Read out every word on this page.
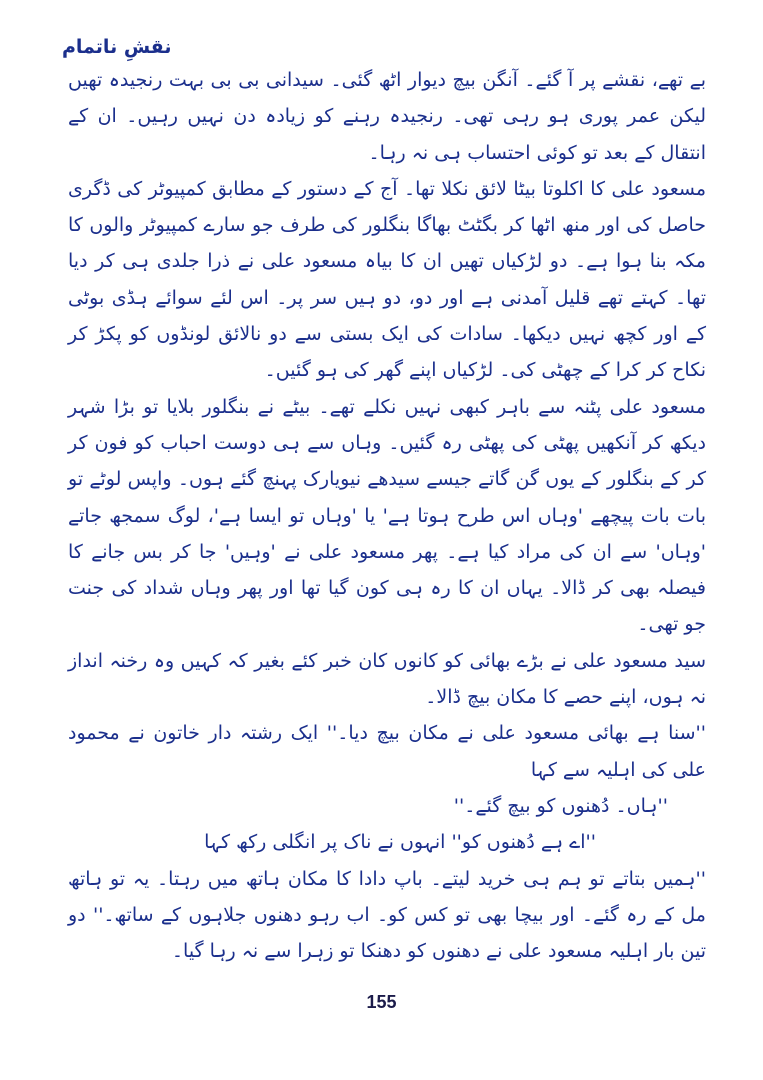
نقشِ ناتمام

بے تھے، نقشے پر آ گئے۔ آنگن بیچ دیوار اٹھ گئی۔ سیدانی بی بی بہت رنجیدہ تھیں لیکن عمر پوری ہو رہی تھی۔ رنجیدہ رہنے کو زیادہ دن نہیں رہیں۔ ان کے انتقال کے بعد تو کوئی احتساب ہی نہ رہا۔

مسعود علی کا اکلوتا بیٹا لائق نکلا تھا۔ آج کے دستور کے مطابق کمپیوٹر کی ڈگری حاصل کی اور منھ اٹھا کر بگٹٹ بھاگا بنگلور کی طرف جو سارے کمپیوٹر والوں کا مکہ بنا ہوا ہے۔ دو لڑکیاں تھیں ان کا بیاہ مسعود علی نے ذرا جلدی ہی کر دیا تھا۔ کہتے تھے قلیل آمدنی ہے اور دو، دو ہیں سر پر۔ اس لئے سوائے ہڈی بوٹی کے اور کچھ نہیں دیکھا۔ سادات کی ایک بستی سے دو نالائق لونڈوں کو پکڑ کر نکاح کر کرا کے چھٹی کی۔ لڑکیاں اپنے گھر کی ہو گئیں۔

مسعود علی پٹنہ سے باہر کبھی نہیں نکلے تھے۔ بیٹے نے بنگلور بلایا تو بڑا شہر دیکھ کر آنکھیں پھٹی کی پھٹی رہ گئیں۔ وہاں سے ہی دوست احباب کو فون کر کر کے بنگلور کے یوں گن گاتے جیسے سیدھے نیویارک پہنچ گئے ہوں۔ واپس لوٹے تو بات بات پیچھے 'وہاں اس طرح ہوتا ہے' یا 'وہاں تو ایسا ہے'، لوگ سمجھ جاتے 'وہاں' سے ان کی مراد کیا ہے۔ پھر مسعود علی نے 'وہیں' جا کر بس جانے کا فیصلہ بھی کر ڈالا۔ یہاں ان کا رہ ہی کون گیا تھا اور پھر وہاں شداد کی جنت جو تھی۔

سید مسعود علی نے بڑے بھائی کو کانوں کان خبر کئے بغیر کہ کہیں وہ رخنہ انداز نہ ہوں، اپنے حصے کا مکان بیچ ڈالا۔

''سنا ہے بھائی مسعود علی نے مکان بیچ دیا۔'' ایک رشتہ دار خاتون نے محمود علی کی اہلیہ سے کہا

''ہاں۔ دُھنوں کو بیچ گئے۔''

''اے ہے دُھنوں کو'' انہوں نے ناک پر انگلی رکھ کہا

''ہمیں بتاتے تو ہم ہی خرید لیتے۔ باپ دادا کا مکان ہاتھ میں رہتا۔ یہ تو ہاتھ مل کے رہ گئے۔ اور بیچا بھی تو کس کو۔ اب رہو دھنوں جلاہوں کے ساتھ۔'' دو تین بار اہلیہ مسعود علی نے دھنوں کو دھنکا تو زہرا سے نہ رہا گیا۔

155
